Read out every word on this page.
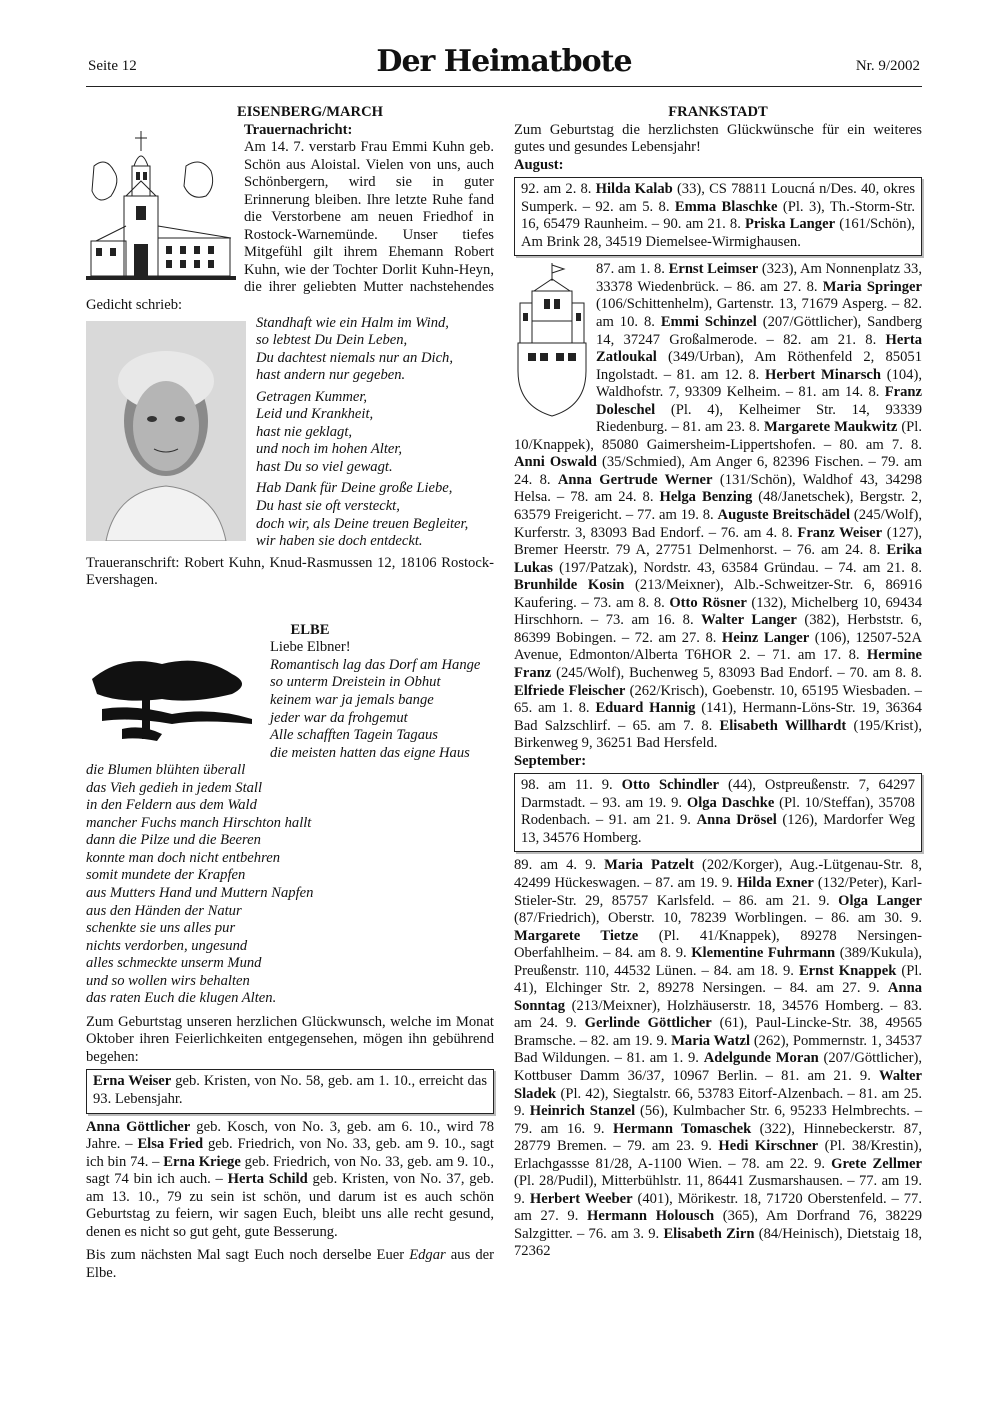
Seite 12	Der Heimatbote	Nr. 9/2002

EISENBERG/MARCH

Trauernachricht:

Am 14. 7. verstarb Frau Emmi Kuhn geb. Schön aus Aloistal. Vielen von uns, auch Schönbergern, wird sie in guter Erinnerung bleiben. Ihre letzte Ruhe fand die Verstorbene am neuen Friedhof in Rostock-Warnemünde. Unser tiefes Mitgefühl gilt ihrem Ehemann Robert Kuhn, wie der Tochter Dorlit Kuhn-Heyn, die ihrer geliebten Mutter nachstehendes Gedicht schrieb:

Standhaft wie ein Halm im Wind,
so lebtest Du Dein Leben,
Du dachtest niemals nur an Dich,
hast andern nur gegeben.
Getragen Kummer,
Leid und Krankheit,
hast nie geklagt,
und noch im hohen Alter,
hast Du so viel gewagt.
Hab Dank für Deine große Liebe,
Du hast sie oft versteckt,
doch wir, als Deine treuen Begleiter,
wir haben sie doch entdeckt.

Traueranschrift: Robert Kuhn, Knud-Rasmussen 12, 18106 Rostock-Evershagen.

ELBE

Liebe Elbner!

Romantisch lag das Dorf am Hange
so unterm Dreistein in Obhut
keinem war ja jemals bange
jeder war da frohgemut
Alle schafften Tagein Tagaus
die meisten hatten das eigne Haus
die Blumen blühten überall
das Vieh gedieh in jedem Stall
in den Feldern aus dem Wald
mancher Fuchs manch Hirschton hallt
dann die Pilze und die Beeren
konnte man doch nicht entbehren
somit mundete der Krapfen
aus Mutters Hand und Muttern Napfen
aus den Händen der Natur
schenkte sie uns alles pur
nichts verdorben, ungesund
alles schmeckte unserm Mund
und so wollen wirs behalten
das raten Euch die klugen Alten.

Zum Geburtstag unseren herzlichen Glückwunsch, welche im Monat Oktober ihren Feierlichkeiten entgegensehen, mögen ihn gebührend begehen:

Erna Weiser geb. Kristen, von No. 58, geb. am 1. 10., erreicht das 93. Lebensjahr.

Anna Göttlicher geb. Kosch, von No. 3, geb. am 6. 10., wird 78 Jahre. – Elsa Fried geb. Friedrich, von No. 33, geb. am 9. 10., sagt ich bin 74. – Erna Kriege geb. Friedrich, von No. 33, geb. am 9. 10., sagt 74 bin ich auch. – Herta Schild geb. Kristen, von No. 37, geb. am 13. 10., 79 zu sein ist schön, und darum ist es auch schön Geburtstag zu feiern, wir sagen Euch, bleibt uns alle recht gesund, denen es nicht so gut geht, gute Besserung.

Bis zum nächsten Mal sagt Euch noch derselbe Euer Edgar aus der Elbe.

FRANKSTADT

Zum Geburtstag die herzlichsten Glückwünsche für ein weiteres gutes und gesundes Lebensjahr!

August:

92. am 2. 8. Hilda Kalab (33), CS 78811 Loucná n/Des. 40, okres Sumperk. – 92. am 5. 8. Emma Blaschke (Pl. 3), Th.-Storm-Str. 16, 65479 Raunheim. – 90. am 21. 8. Priska Langer (161/Schön), Am Brink 28, 34519 Diemelsee-Wirmighausen.

87. am 1. 8. Ernst Leimser (323), Am Nonnenplatz 33, 33378 Wiedenbrück. – 86. am 27. 8. Maria Springer (106/Schittenhelm), Gartenstr. 13, 71679 Asperg. – 82. am 10. 8. Emmi Schinzel (207/Göttlicher), Sandberg 14, 37247 Großalmerode. – 82. am 21. 8. Herta Zatloukal (349/Urban), Am Röthenfeld 2, 85051 Ingolstadt. – 81. am 12. 8. Herbert Minarsch (104), Waldhofstr. 7, 93309 Kelheim. – 81. am 14. 8. Franz Doleschel (Pl. 4), Kelheimer Str. 14, 93339 Riedenburg. – 81. am 23. 8. Margarete Maukwitz (Pl. 10/Knappek), 85080 Gaimersheim-Lippertshofen. – 80. am 7. 8. Anni Oswald (35/Schmied), Am Anger 6, 82396 Fischen. – 79. am 24. 8. Anna Gertrude Werner (131/Schön), Waldhof 43, 34298 Helsa. – 78. am 24. 8. Helga Benzing (48/Janetschek), Bergstr. 2, 63579 Freigericht. – 77. am 19. 8. Auguste Breitschädel (245/Wolf), Kurferstr. 3, 83093 Bad Endorf. – 76. am 4. 8. Franz Weiser (127), Bremer Heerstr. 79 A, 27751 Delmenhorst. – 76. am 24. 8. Erika Lukas (197/Patzak), Nordstr. 43, 63584 Gründau. – 74. am 21. 8. Brunhilde Kosin (213/Meixner), Alb.-Schweitzer-Str. 6, 86916 Kaufering. – 73. am 8. 8. Otto Rösner (132), Michelberg 10, 69434 Hirschhorn. – 73. am 16. 8. Walter Langer (382), Herbststr. 6, 86399 Bobingen. – 72. am 27. 8. Heinz Langer (106), 12507-52A Avenue, Edmonton/Alberta T6HOR 2. – 71. am 17. 8. Hermine Franz (245/Wolf), Buchenweg 5, 83093 Bad Endorf. – 70. am 8. 8. Elfriede Fleischer (262/Krisch), Goebenstr. 10, 65195 Wiesbaden. – 65. am 1. 8. Eduard Hannig (141), Hermann-Löns-Str. 19, 36364 Bad Salzschlirf. – 65. am 7. 8. Elisabeth Willhardt (195/Krist), Birkenweg 9, 36251 Bad Hersfeld.

September:

98. am 11. 9. Otto Schindler (44), Ostpreußenstr. 7, 64297 Darmstadt. – 93. am 19. 9. Olga Daschke (Pl. 10/Steffan), 35708 Rodenbach. – 91. am 21. 9. Anna Drösel (126), Mardorfer Weg 13, 34576 Homberg.

89. am 4. 9. Maria Patzelt (202/Korger), Aug.-Lütgenau-Str. 8, 42499 Hückeswagen. – 87. am 19. 9. Hilda Exner (132/Peter), Karl-Stieler-Str. 29, 85757 Karlsfeld. – 86. am 21. 9. Olga Langer (87/Friedrich), Oberstr. 10, 78239 Worblingen. – 86. am 30. 9. Margarete Tietze (Pl. 41/Knappek), 89278 Nersingen-Oberfahlheim. – 84. am 8. 9. Klementine Fuhrmann (389/Kukula), Preußenstr. 110, 44532 Lünen. – 84. am 18. 9. Ernst Knappek (Pl. 41), Elchinger Str. 2, 89278 Nersingen. – 84. am 27. 9. Anna Sonntag (213/Meixner), Holzhäuserstr. 18, 34576 Homberg. – 83. am 24. 9. Gerlinde Göttlicher (61), Paul-Lincke-Str. 38, 49565 Bramsche. – 82. am 19. 9. Maria Watzl (262), Pommernstr. 1, 34537 Bad Wildungen. – 81. am 1. 9. Adelgunde Moran (207/Göttlicher), Kottbuser Damm 36/37, 10967 Berlin. – 81. am 21. 9. Walter Sladek (Pl. 42), Siegtalstr. 66, 53783 Eitorf-Alzenbach. – 81. am 25. 9. Heinrich Stanzel (56), Kulmbacher Str. 6, 95233 Helmbrechts. – 79. am 16. 9. Hermann Tomaschek (322), Hinnebeckerstr. 87, 28779 Bremen. – 79. am 23. 9. Hedi Kirschner (Pl. 38/Krestin), Erlachgassse 81/28, A-1100 Wien. – 78. am 22. 9. Grete Zellmer (Pl. 28/Pudil), Mitterbühlstr. 11, 86441 Zusmarshausen. – 77. am 19. 9. Herbert Weeber (401), Mörikestr. 18, 71720 Oberstenfeld. – 77. am 27. 9. Hermann Holousch (365), Am Dorfrand 76, 38229 Salzgitter. – 76. am 3. 9. Elisabeth Zirn (84/Heinisch), Dietstaig 18, 72362
